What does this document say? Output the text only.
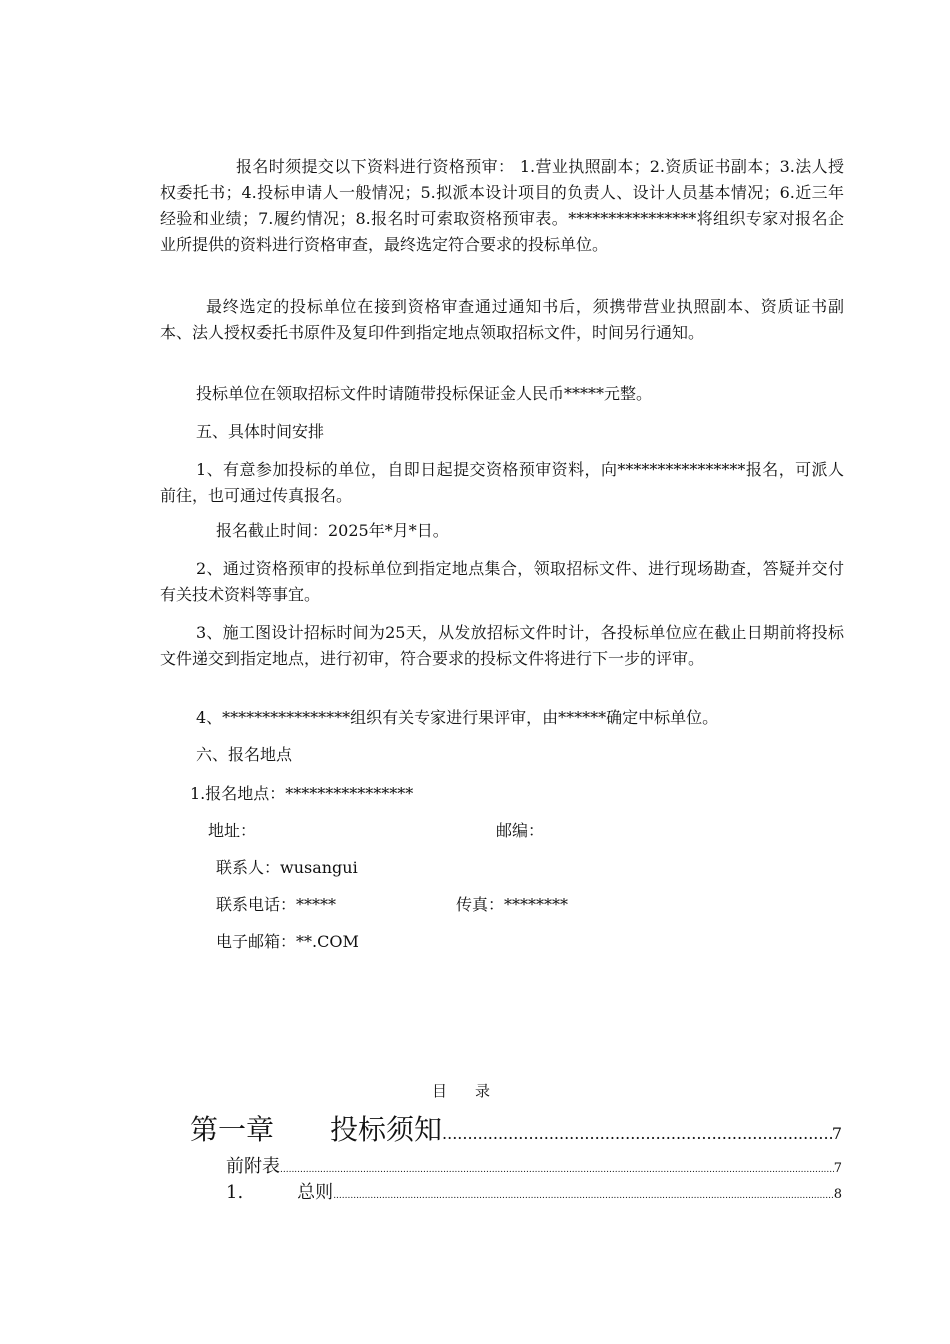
报名时须提交以下资料进行资格预审： 1.营业执照副本；2.资质证书副本；3.法人授权委托书；4.投标申请人一般情况；5.拟派本设计项目的负责人、设计人员基本情况；6.近三年经验和业绩；7.履约情况；8.报名时可索取资格预审表。****************将组织专家对报名企业所提供的资料进行资格审查，最终选定符合要求的投标单位。

最终选定的投标单位在接到资格审查通过通知书后，须携带营业执照副本、资质证书副本、法人授权委托书原件及复印件到指定地点领取招标文件，时间另行通知。

投标单位在领取招标文件时请随带投标保证金人民币*****元整。

五、具体时间安排

1、有意参加投标的单位，自即日起提交资格预审资料，向****************报名，可派人前往，也可通过传真报名。

报名截止时间：2025年*月*日。

2、通过资格预审的投标单位到指定地点集合，领取招标文件、进行现场勘查，答疑并交付有关技术资料等事宜。

3、施工图设计招标时间为25天，从发放招标文件时计，各投标单位应在截止日期前将投标文件递交到指定地点，进行初审，符合要求的投标文件将进行下一步的评审。

4、****************组织有关专家进行果评审，由******确定中标单位。

六、报名地点

1.报名地点：****************

地址：	邮编：

联系人：wusangui

联系电话：*****	传真：********

电子邮箱：**.COM

目录
第一章　　投标须知 .....	7
前附表 .....	7
1.　　　总则 .....	8
